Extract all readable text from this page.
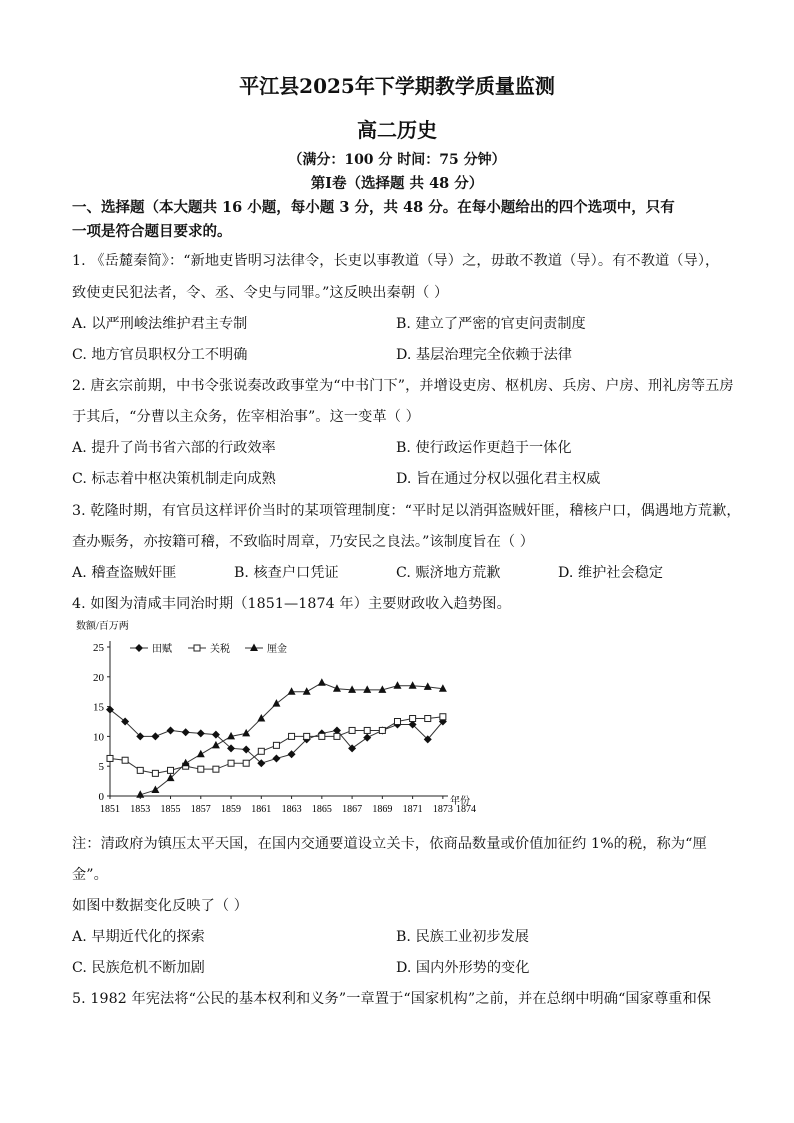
平江县2025年下学期教学质量监测
高二历史
（满分：100 分 时间：75 分钟）
第Ⅰ卷（选择题 共 48 分）
一、选择题（本大题共 16 小题，每小题 3 分，共 48 分。在每小题给出的四个选项中，只有
一项是符合题目要求的。
1. 《岳麓秦简》：“新地吏皆明习法律令，长吏以事教道（导）之，毋敢不教道（导）。有不教道（导），
致使吏民犯法者，令、丞、令史与同罪。”这反映出秦朝（ ）
A. 以严刑峻法维护君主专制	B. 建立了严密的官吏问责制度
C. 地方官员职权分工不明确	D. 基层治理完全依赖于法律
2. 唐玄宗前期，中书令张说奏改政事堂为“中书门下”，并增设吏房、枢机房、兵房、户房、刑礼房等五房
于其后，“分曹以主众务，佐宰相治事”。这一变革（ ）
A. 提升了尚书省六部的行政效率	B. 使行政运作更趋于一体化
C. 标志着中枢决策机制走向成熟	D. 旨在通过分权以强化君主权威
3. 乾隆时期，有官员这样评价当时的某项管理制度：“平时足以消弭盗贼奸匪，稽核户口，偶遇地方荒歉，
查办赈务，亦按籍可稽，不致临时周章，乃安民之良法。”该制度旨在（ ）
A. 稽查盗贼奸匪	B. 核查户口凭证	C. 赈济地方荒歉	D. 维护社会稳定
4. 如图为清咸丰同治时期（1851—1874 年）主要财政收入趋势图。
数额/百万两
年份
0
5
10
15
20
25
1851 1853 1855 1857 1859 1861 1863 1865 1867 1869 1871 1873 1874
田赋	关税	厘金
注：清政府为镇压太平天国，在国内交通要道设立关卡，依商品数量或价值加征约 1%的税，称为“厘
金”。
如图中数据变化反映了（ ）
A. 早期近代化的探索	B. 民族工业初步发展
C. 民族危机不断加剧	D. 国内外形势的变化
5. 1982 年宪法将“公民的基本权利和义务”一章置于“国家机构”之前，并在总纲中明确“国家尊重和保
